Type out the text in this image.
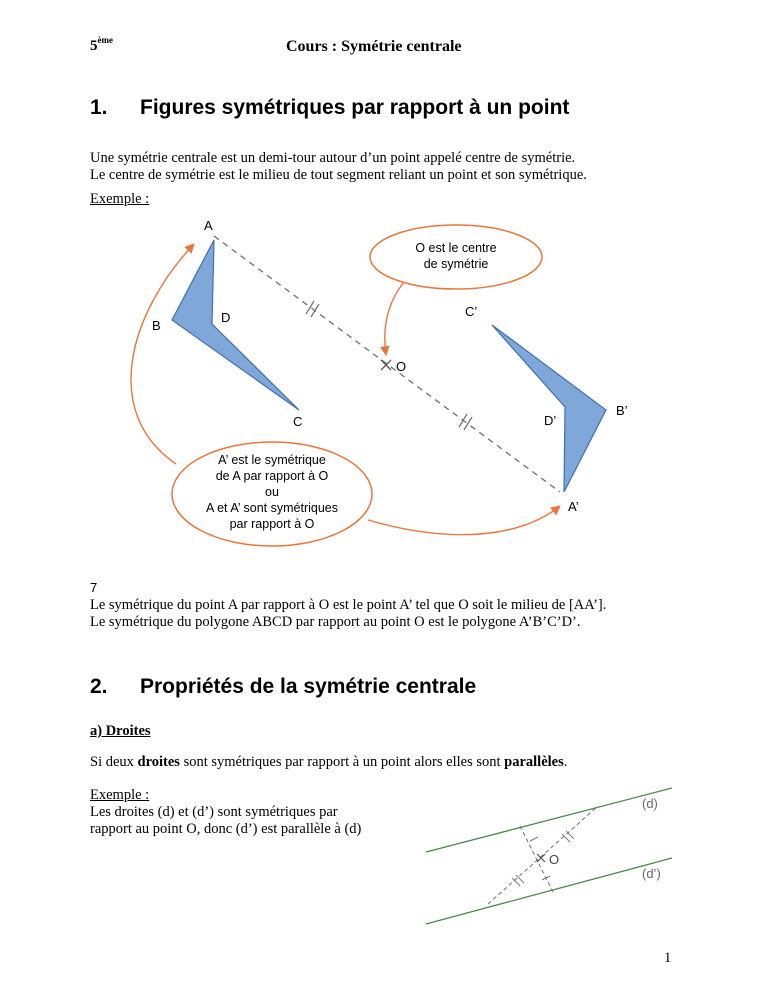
5ème	Cours : Symétrie centrale
1. Figures symétriques par rapport à un point
Une symétrie centrale est un demi-tour autour d’un point appelé centre de symétrie.
Le centre de symétrie est le milieu de tout segment reliant un point et son symétrique.
Exemple :
A
B
C
D
O
A’
B’
C’
D’
O est le centre
de symétrie
A’ est le symétrique
de A par rapport à O
ou
A et A’ sont symétriques
par rapport à O
7
Le symétrique du point A par rapport à O est le point A’ tel que O soit le milieu de [AA’].
Le symétrique du polygone ABCD par rapport au point O est le polygone A’B’C’D’.
2. Propriétés de la symétrie centrale
a) Droites
Si deux droites sont symétriques par rapport à un point alors elles sont parallèles.
Exemple :
Les droites (d) et (d’) sont symétriques par
rapport au point O, donc (d’) est parallèle à (d)
O
(d)
(d’)
1
